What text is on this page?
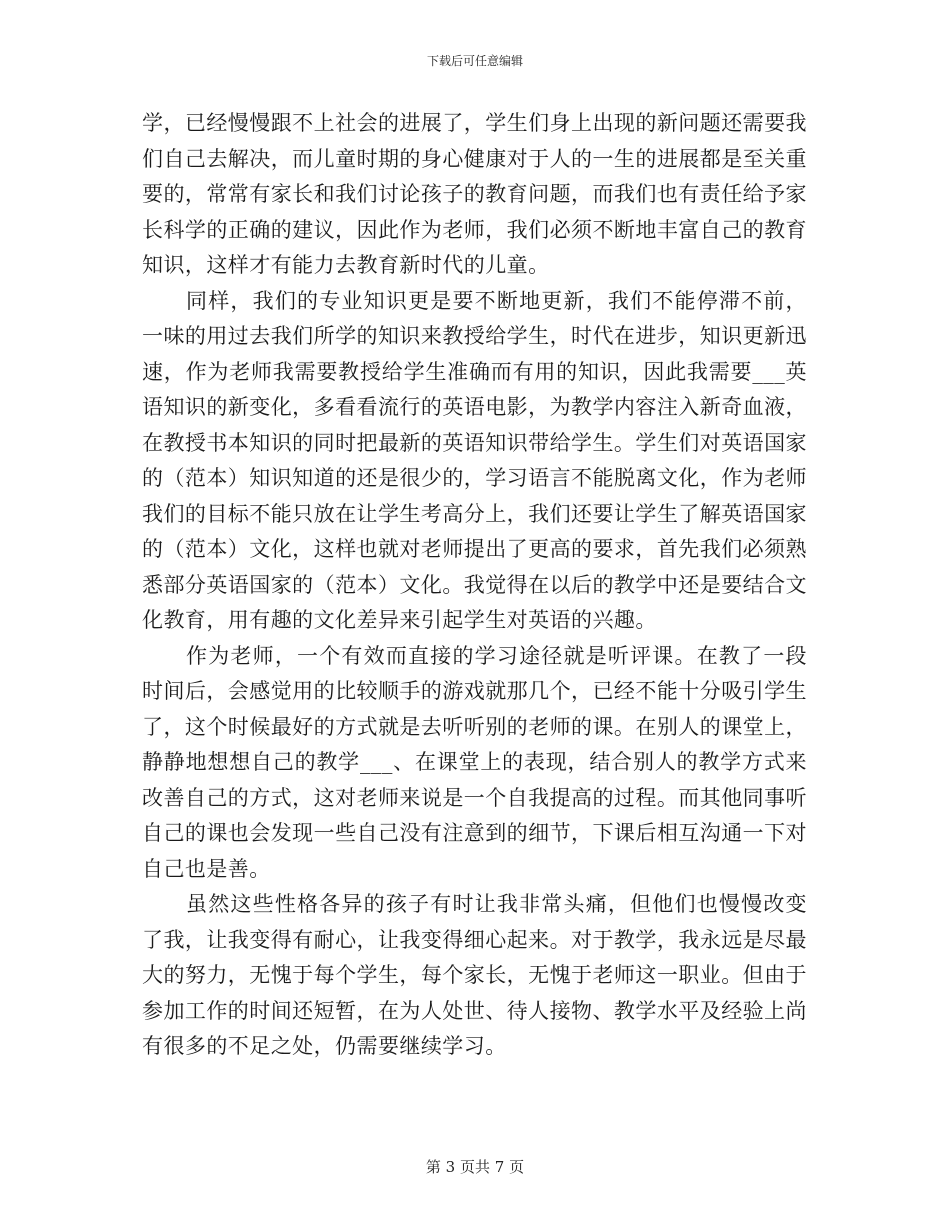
下载后可任意编辑

学，已经慢慢跟不上社会的进展了，学生们身上出现的新问题还需要我们自己去解决，而儿童时期的身心健康对于人的一生的进展都是至关重要的，常常有家长和我们讨论孩子的教育问题，而我们也有责任给予家长科学的正确的建议，因此作为老师，我们必须不断地丰富自己的教育知识，这样才有能力去教育新时代的儿童。

同样，我们的专业知识更是要不断地更新，我们不能停滞不前，一味的用过去我们所学的知识来教授给学生，时代在进步，知识更新迅速，作为老师我需要教授给学生准确而有用的知识，因此我需要___英语知识的新变化，多看看流行的英语电影，为教学内容注入新奇血液，在教授书本知识的同时把最新的英语知识带给学生。学生们对英语国家的（范本）知识知道的还是很少的，学习语言不能脱离文化，作为老师我们的目标不能只放在让学生考高分上，我们还要让学生了解英语国家的（范本）文化，这样也就对老师提出了更高的要求，首先我们必须熟悉部分英语国家的（范本）文化。我觉得在以后的教学中还是要结合文化教育，用有趣的文化差异来引起学生对英语的兴趣。

作为老师，一个有效而直接的学习途径就是听评课。在教了一段时间后，会感觉用的比较顺手的游戏就那几个，已经不能十分吸引学生了，这个时候最好的方式就是去听听别的老师的课。在别人的课堂上，静静地想想自己的教学___、在课堂上的表现，结合别人的教学方式来改善自己的方式，这对老师来说是一个自我提高的过程。而其他同事听自己的课也会发现一些自己没有注意到的细节，下课后相互沟通一下对自己也是善。

虽然这些性格各异的孩子有时让我非常头痛，但他们也慢慢改变了我，让我变得有耐心，让我变得细心起来。对于教学，我永远是尽最大的努力，无愧于每个学生，每个家长，无愧于老师这一职业。但由于参加工作的时间还短暂，在为人处世、待人接物、教学水平及经验上尚有很多的不足之处，仍需要继续学习。

第 3 页共 7 页
